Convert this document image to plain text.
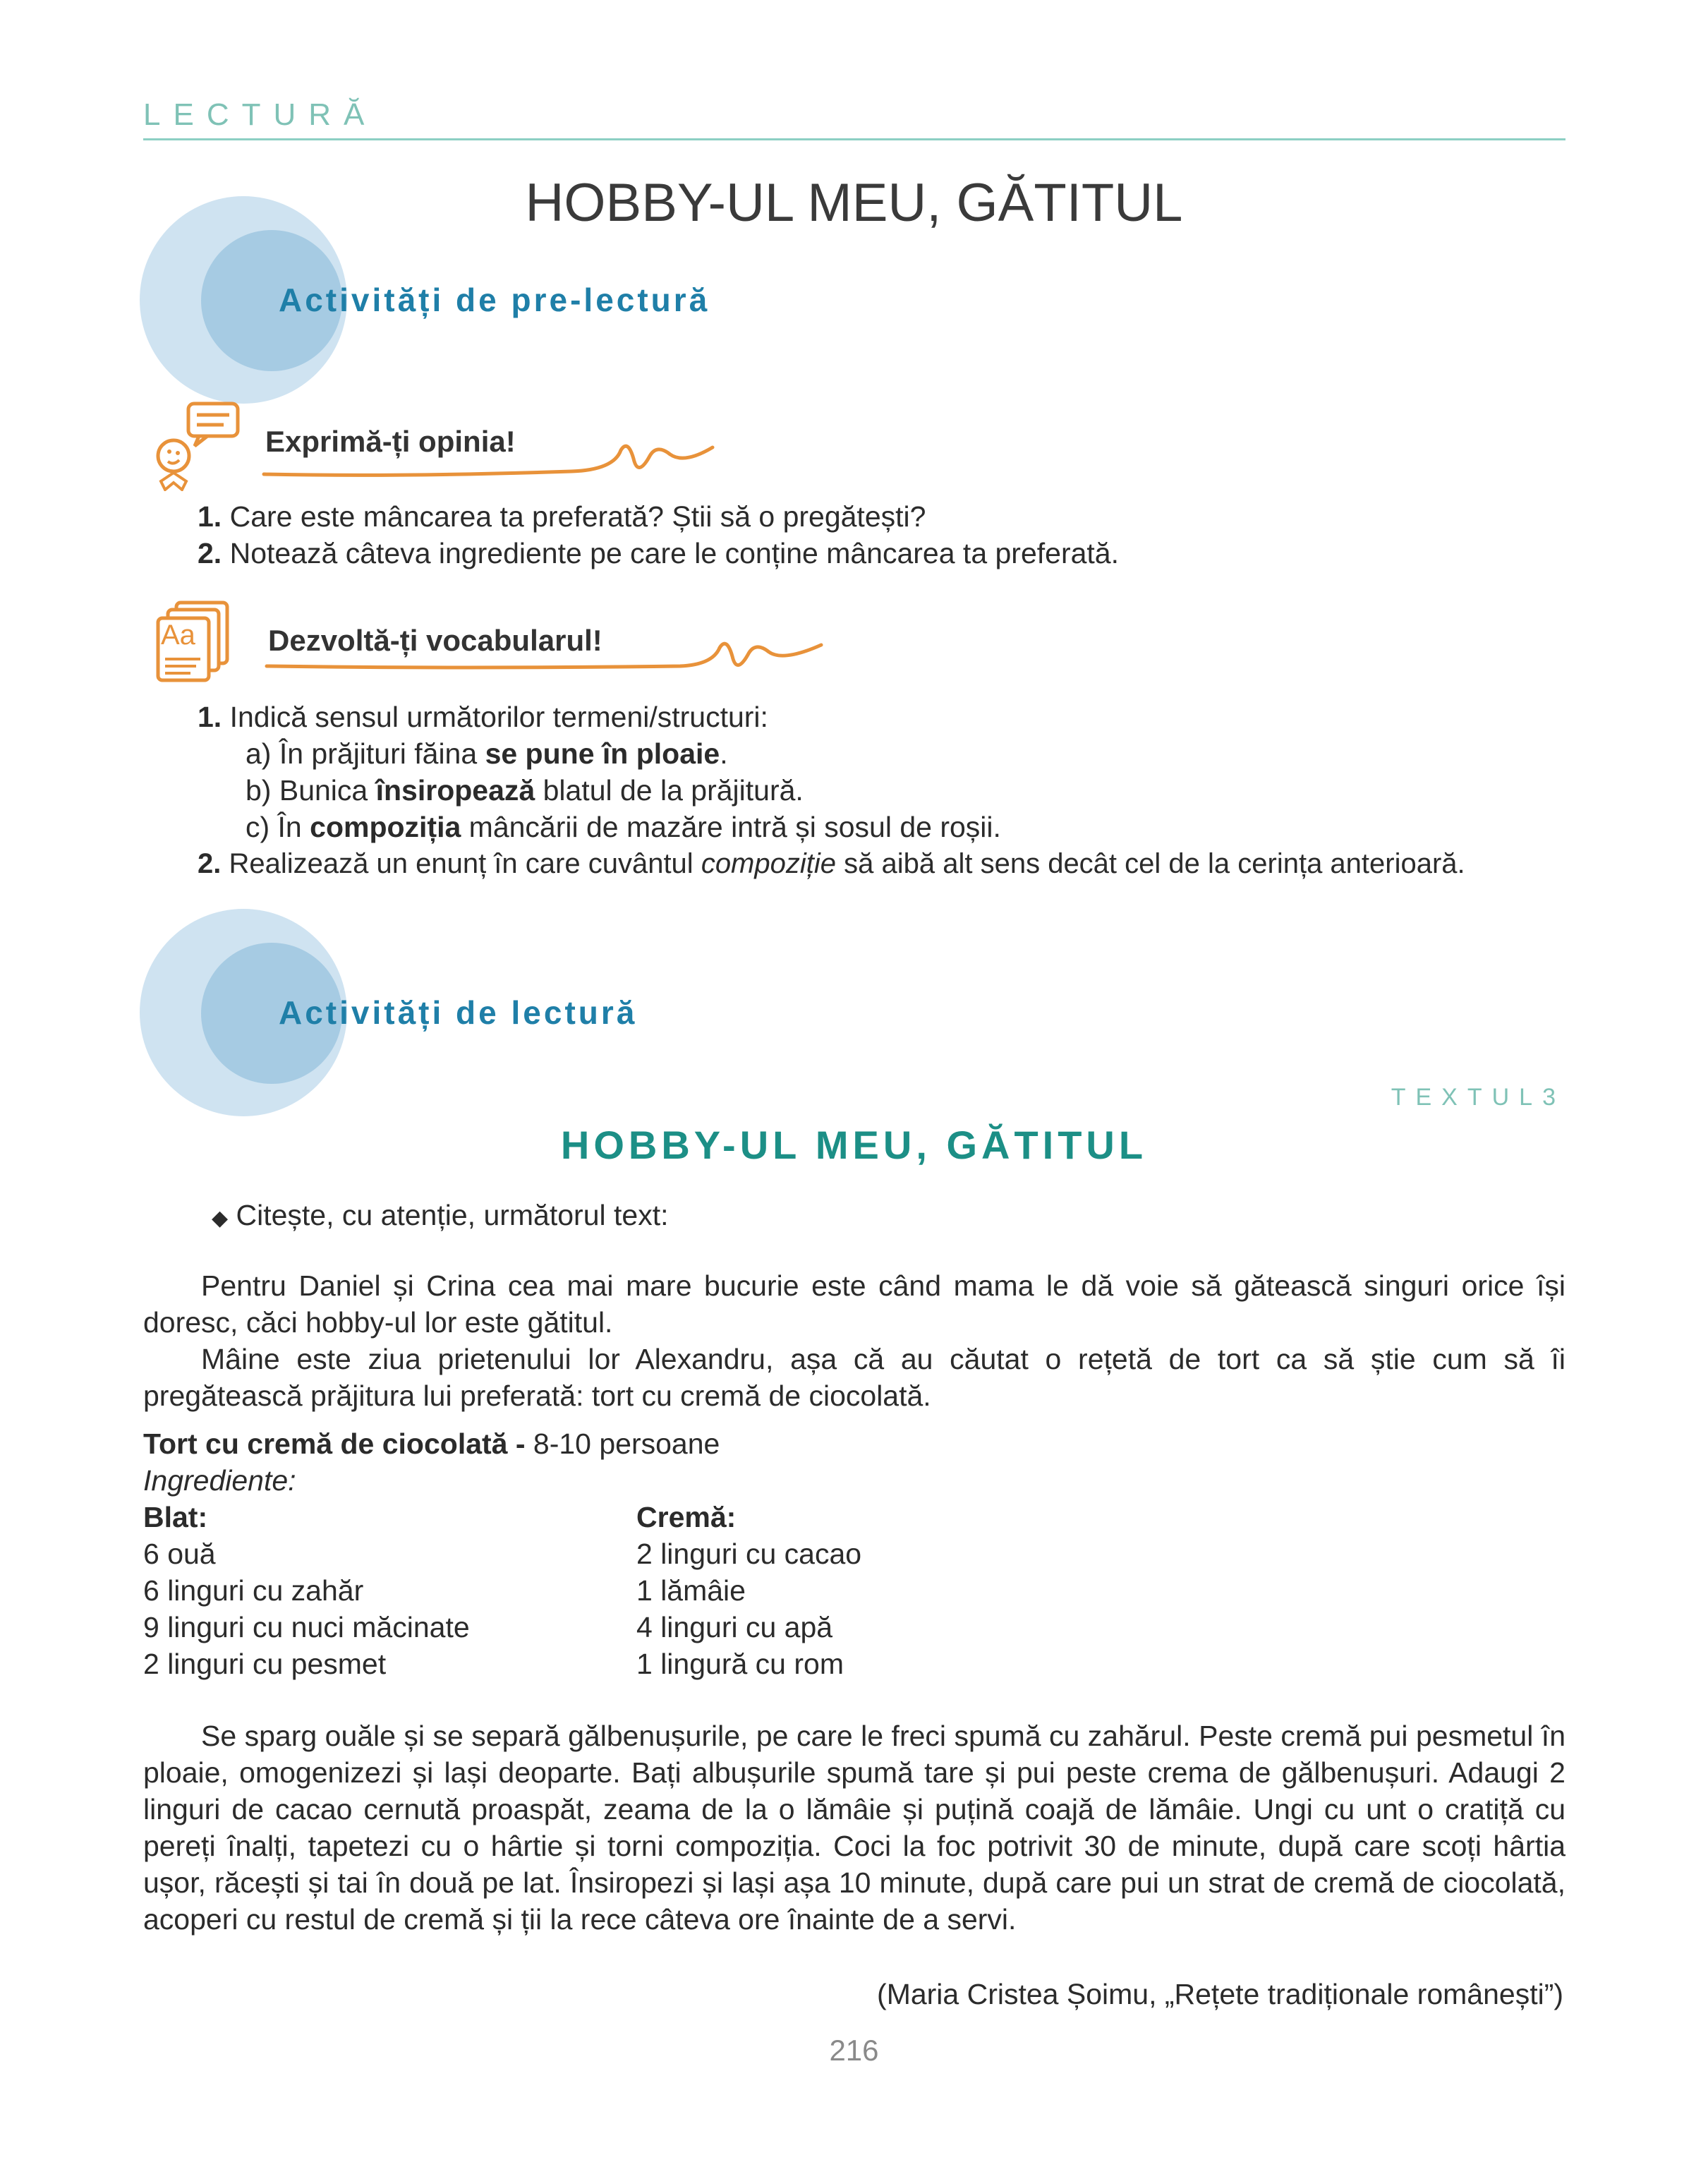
LECTURĂ
HOBBY-UL MEU, GĂTITUL
Activități de pre-lectură
Exprimă-ți opinia!
1. Care este mâncarea ta preferată? Știi să o pregătești?
2. Notează câteva ingrediente pe care le conține mâncarea ta preferată.
Aa Dezvoltă-ți vocabularul!
1. Indică sensul următorilor termeni/structuri:
a) În prăjituri făina se pune în ploaie.
b) Bunica însiropează blatul de la prăjitură.
c) În compoziția mâncării de mazăre intră și sosul de roșii.
2. Realizează un enunț în care cuvântul compoziție să aibă alt sens decât cel de la cerința anterioară.
Activități de lectură
TEXTUL3
HOBBY-UL MEU, GĂTITUL
◆ Citește, cu atenție, următorul text:
Pentru Daniel și Crina cea mai mare bucurie este când mama le dă voie să gătească singuri orice își doresc, căci hobby-ul lor este gătitul.
Mâine este ziua prietenului lor Alexandru, așa că au căutat o rețetă de tort ca să știe cum să îi pregătească prăjitura lui preferată: tort cu cremă de ciocolată.
Tort cu cremă de ciocolată - 8-10 persoane
Ingrediente:
Blat:
6 ouă
6 linguri cu zahăr
9 linguri cu nuci măcinate
2 linguri cu pesmet
Cremă:
2 linguri cu cacao
1 lămâie
4 linguri cu apă
1 lingură cu rom
Se sparg ouăle și se separă gălbenușurile, pe care le freci spumă cu zahărul. Peste cremă pui pesmetul în ploaie, omogenizezi și lași deoparte. Bați albușurile spumă tare și pui peste crema de gălbenușuri. Adaugi 2 linguri de cacao cernută proaspăt, zeama de la o lămâie și puțină coajă de lămâie. Ungi cu unt o cratiță cu pereți înalți, tapetezi cu o hârtie și torni compoziția. Coci la foc potrivit 30 de minute, după care scoți hârtia ușor, răcești și tai în două pe lat. Însiropezi și lași așa 10 minute, după care pui un strat de cremă de ciocolată, acoperi cu restul de cremă și ții la rece câteva ore înainte de a servi.
(Maria Cristea Șoimu, „Rețete tradiționale românești”)
216
